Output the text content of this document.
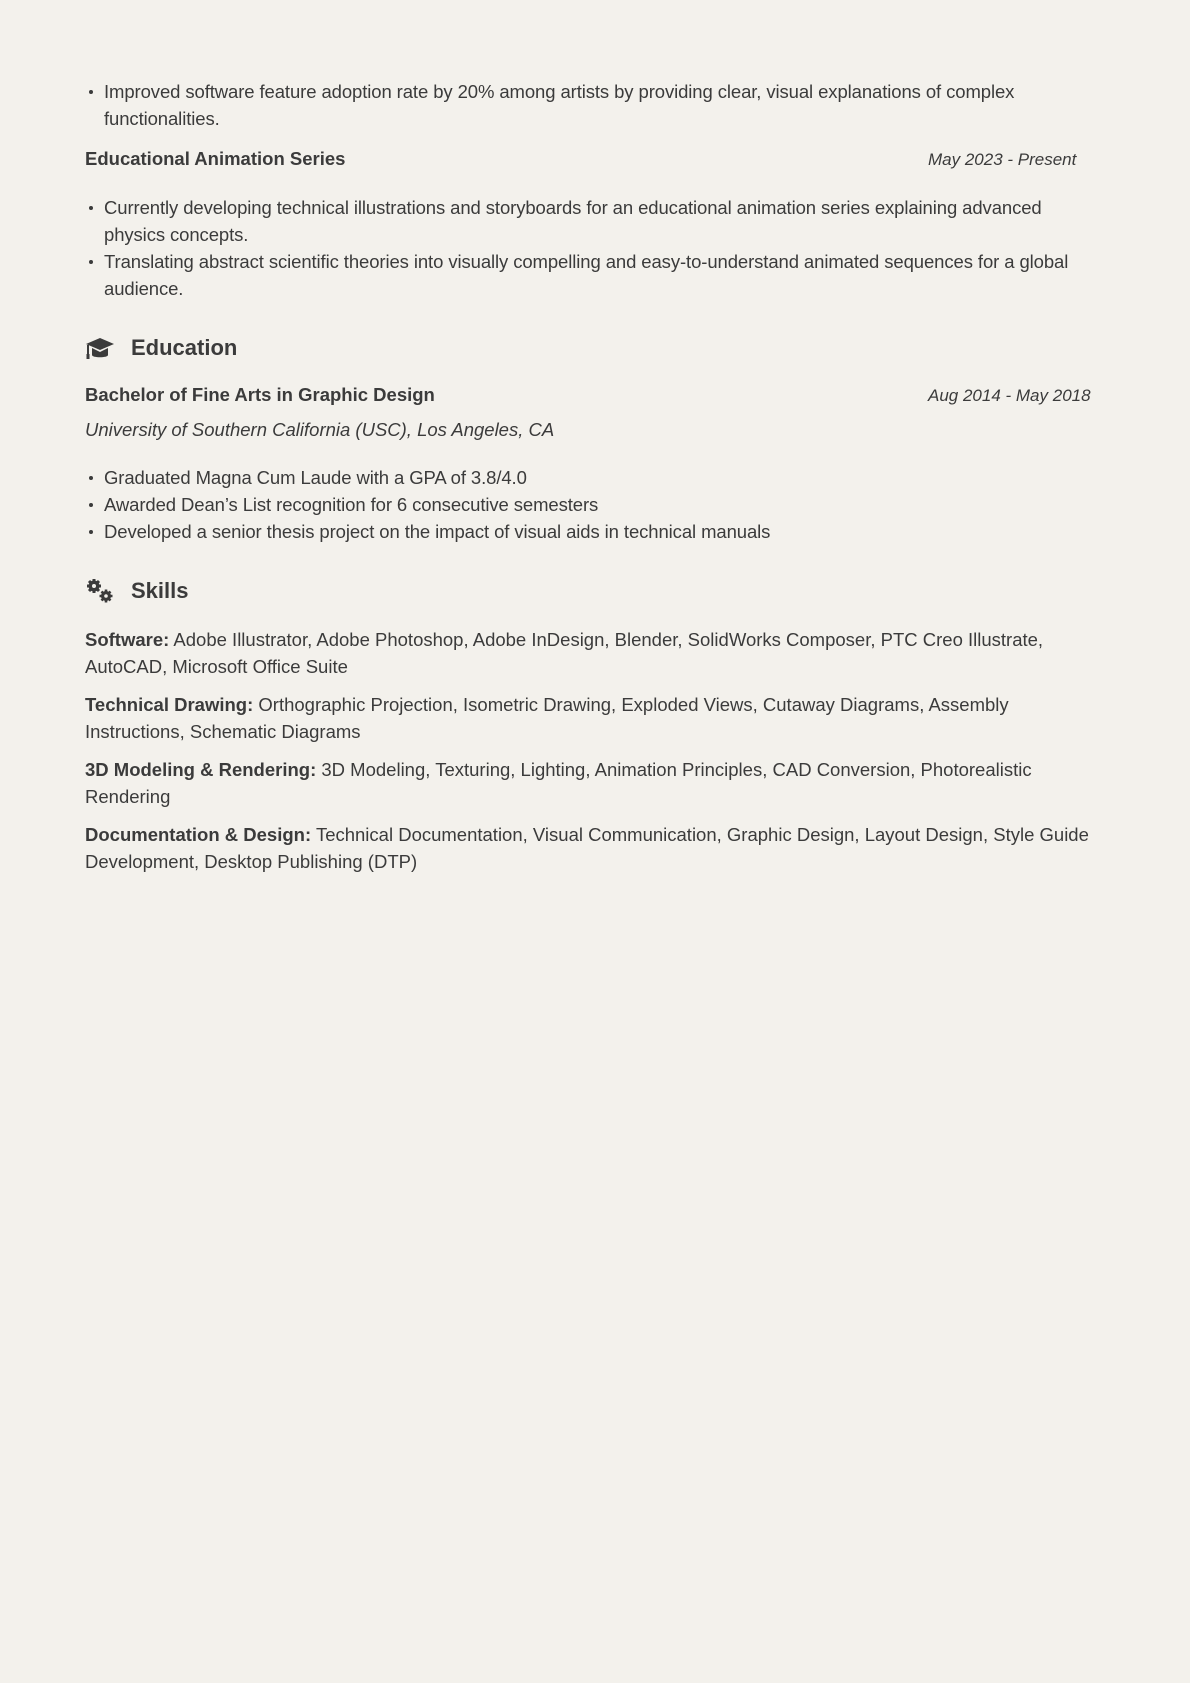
Improved software feature adoption rate by 20% among artists by providing clear, visual explanations of complex functionalities.
Educational Animation Series	May 2023 - Present
Currently developing technical illustrations and storyboards for an educational animation series explaining advanced physics concepts.
Translating abstract scientific theories into visually compelling and easy-to-understand animated sequences for a global audience.
Education
Bachelor of Fine Arts in Graphic Design	Aug 2014 - May 2018
University of Southern California (USC), Los Angeles, CA
Graduated Magna Cum Laude with a GPA of 3.8/4.0
Awarded Dean’s List recognition for 6 consecutive semesters
Developed a senior thesis project on the impact of visual aids in technical manuals
Skills

Software: Adobe Illustrator, Adobe Photoshop, Adobe InDesign, Blender, SolidWorks Composer, PTC Creo Illustrate, AutoCAD, Microsoft Office Suite

Technical Drawing: Orthographic Projection, Isometric Drawing, Exploded Views, Cutaway Diagrams, Assembly Instructions, Schematic Diagrams

3D Modeling & Rendering: 3D Modeling, Texturing, Lighting, Animation Principles, CAD Conversion, Photorealistic Rendering

Documentation & Design: Technical Documentation, Visual Communication, Graphic Design, Layout Design, Style Guide Development, Desktop Publishing (DTP)
